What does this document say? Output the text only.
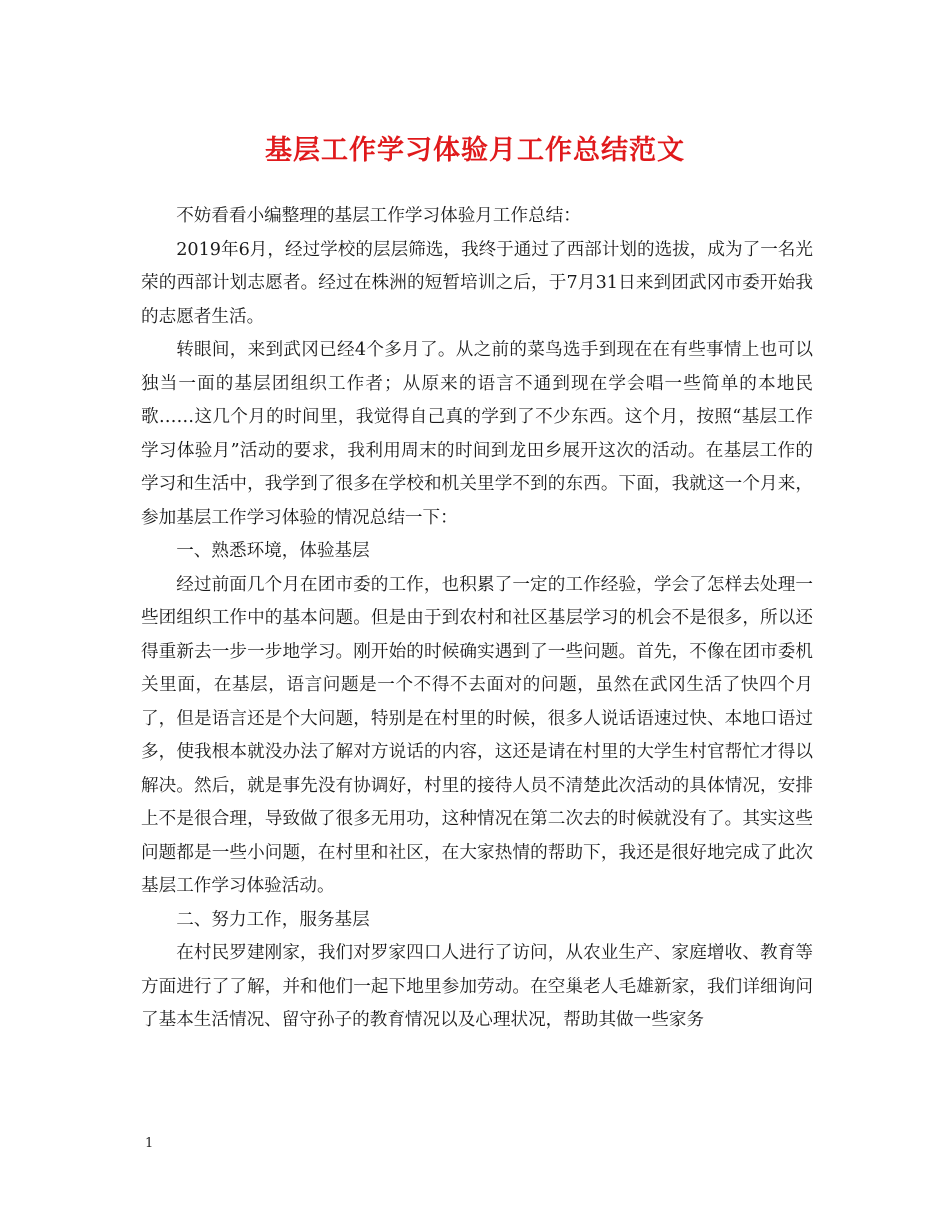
基层工作学习体验月工作总结范文

不妨看看小编整理的基层工作学习体验月工作总结：

2019年6月，经过学校的层层筛选，我终于通过了西部计划的选拔，成为了一名光荣的西部计划志愿者。经过在株洲的短暂培训之后，于7月31日来到团武冈市委开始我的志愿者生活。

转眼间，来到武冈已经4个多月了。从之前的菜鸟选手到现在在有些事情上也可以独当一面的基层团组织工作者；从原来的语言不通到现在学会唱一些简单的本地民歌……这几个月的时间里，我觉得自己真的学到了不少东西。这个月，按照“基层工作学习体验月”活动的要求，我利用周末的时间到龙田乡展开这次的活动。在基层工作的学习和生活中，我学到了很多在学校和机关里学不到的东西。下面，我就这一个月来，参加基层工作学习体验的情况总结一下：

一、熟悉环境，体验基层

经过前面几个月在团市委的工作，也积累了一定的工作经验，学会了怎样去处理一些团组织工作中的基本问题。但是由于到农村和社区基层学习的机会不是很多，所以还得重新去一步一步地学习。刚开始的时候确实遇到了一些问题。首先，不像在团市委机关里面，在基层，语言问题是一个不得不去面对的问题，虽然在武冈生活了快四个月了，但是语言还是个大问题，特别是在村里的时候，很多人说话语速过快、本地口语过多，使我根本就没办法了解对方说话的内容，这还是请在村里的大学生村官帮忙才得以解决。然后，就是事先没有协调好，村里的接待人员不清楚此次活动的具体情况，安排上不是很合理，导致做了很多无用功，这种情况在第二次去的时候就没有了。其实这些问题都是一些小问题，在村里和社区，在大家热情的帮助下，我还是很好地完成了此次基层工作学习体验活动。

二、努力工作，服务基层

在村民罗建刚家，我们对罗家四口人进行了访问，从农业生产、家庭增收、教育等方面进行了了解，并和他们一起下地里参加劳动。在空巢老人毛雄新家，我们详细询问了基本生活情况、留守孙子的教育情况以及心理状况，帮助其做一些家务

1
